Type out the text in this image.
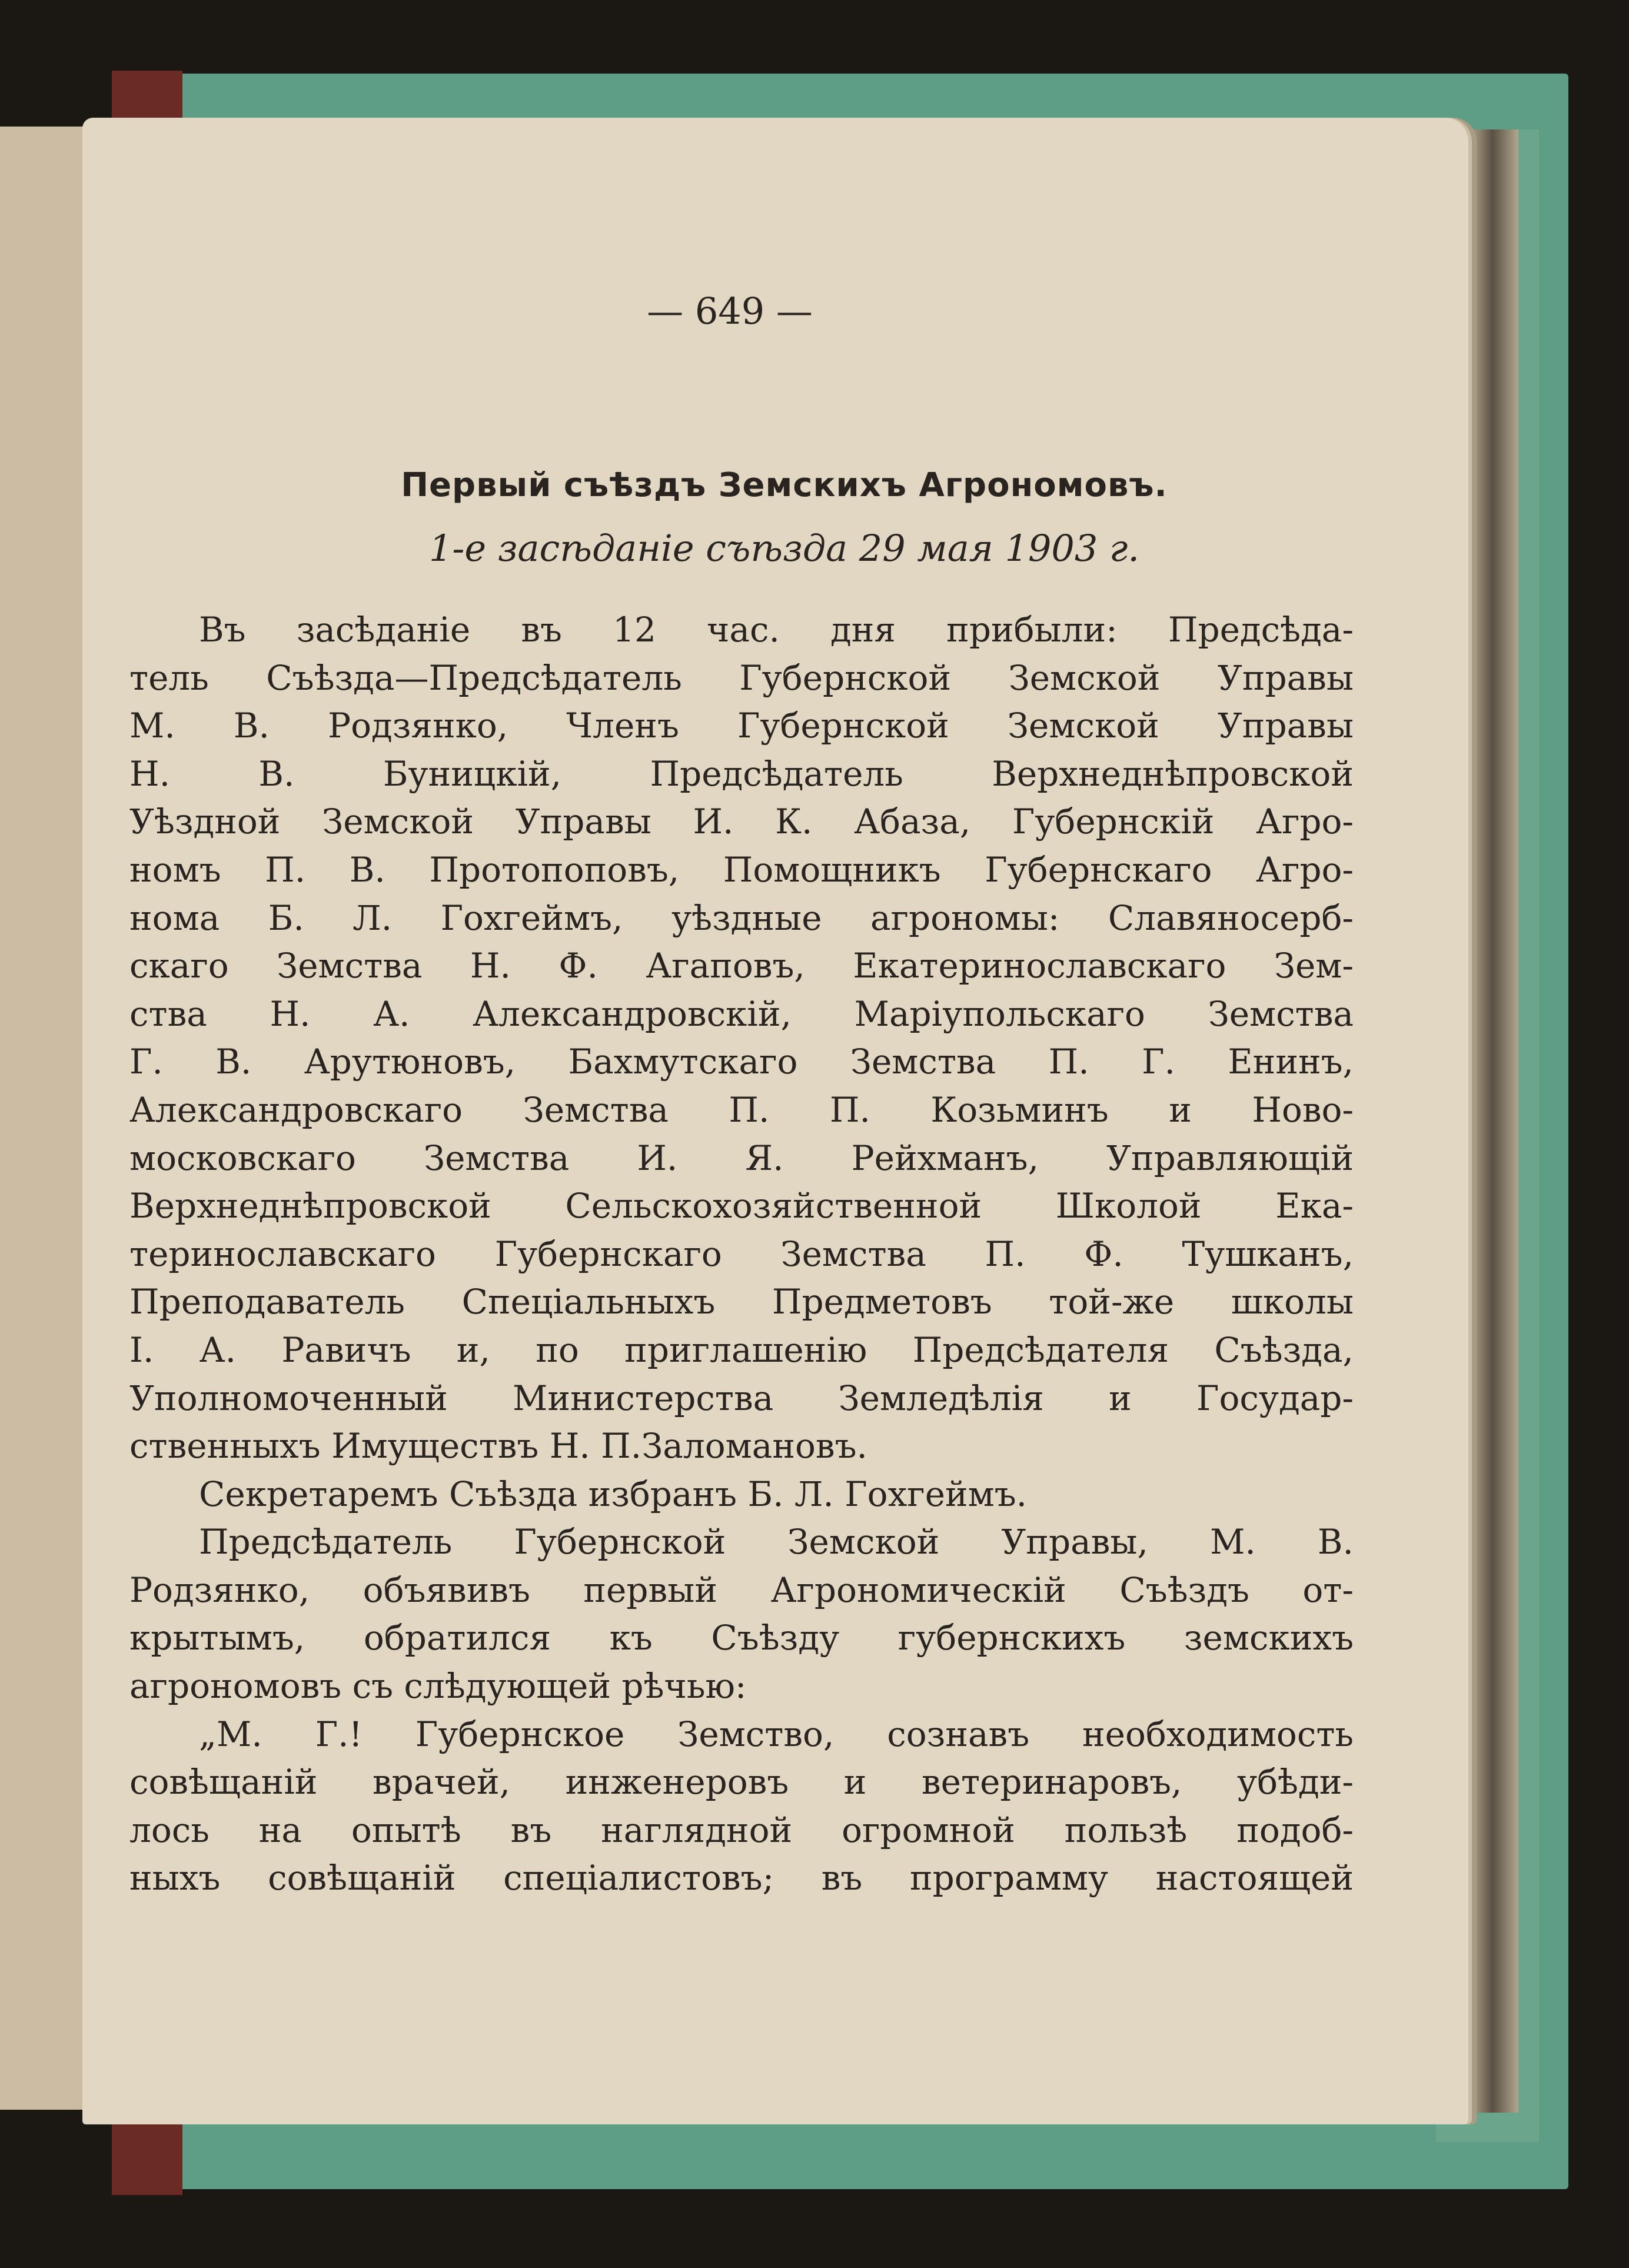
— 649 —
Первый съѣздъ Земскихъ Агрономовъ.
1-е засѣданіе съѣзда 29 мая 1903 г.
Въ засѣданіе въ 12 час. дня прибыли: Предсѣда-
тель Съѣзда—Предсѣдатель Губернской Земской Управы
М. В. Родзянко, Членъ Губернской Земской Управы
Н. В. Буницкій, Предсѣдатель Верхнеднѣпровской
Уѣздной Земской Управы И. К. Абаза, Губернскій Агро-
номъ П. В. Протопоповъ, Помощникъ Губернскаго Агро-
нома Б. Л. Гохгеймъ, уѣздные агрономы: Славяносерб-
скаго Земства Н. Ф. Агаповъ, Екатеринославскаго Зем-
ства Н. А. Александровскій, Маріупольскаго Земства
Г. В. Арутюновъ, Бахмутскаго Земства П. Г. Енинъ,
Александровскаго Земства П. П. Козьминъ и Ново-
московскаго Земства И. Я. Рейхманъ, Управляющій
Верхнеднѣпровской Сельскохозяйственной Школой Ека-
теринославскаго Губернскаго Земства П. Ф. Тушканъ,
Преподаватель Спеціальныхъ Предметовъ той-же школы
І. А. Равичъ и, по приглашенію Предсѣдателя Съѣзда,
Уполномоченный Министерства Земледѣлія и Государ-
ственныхъ Имуществъ Н. П.Заломановъ.
Секретаремъ Съѣзда избранъ Б. Л. Гохгеймъ.
Предсѣдатель Губернской Земской Управы, М. В.
Родзянко, объявивъ первый Агрономическій Съѣздъ от-
крытымъ, обратился къ Съѣзду губернскихъ земскихъ
агрономовъ съ слѣдующей рѣчью:
„М. Г.! Губернское Земство, сознавъ необходимость
совѣщаній врачей, инженеровъ и ветеринаровъ, убѣди-
лось на опытѣ въ наглядной огромной пользѣ подоб-
ныхъ совѣщаній спеціалистовъ; въ программу настоящей
